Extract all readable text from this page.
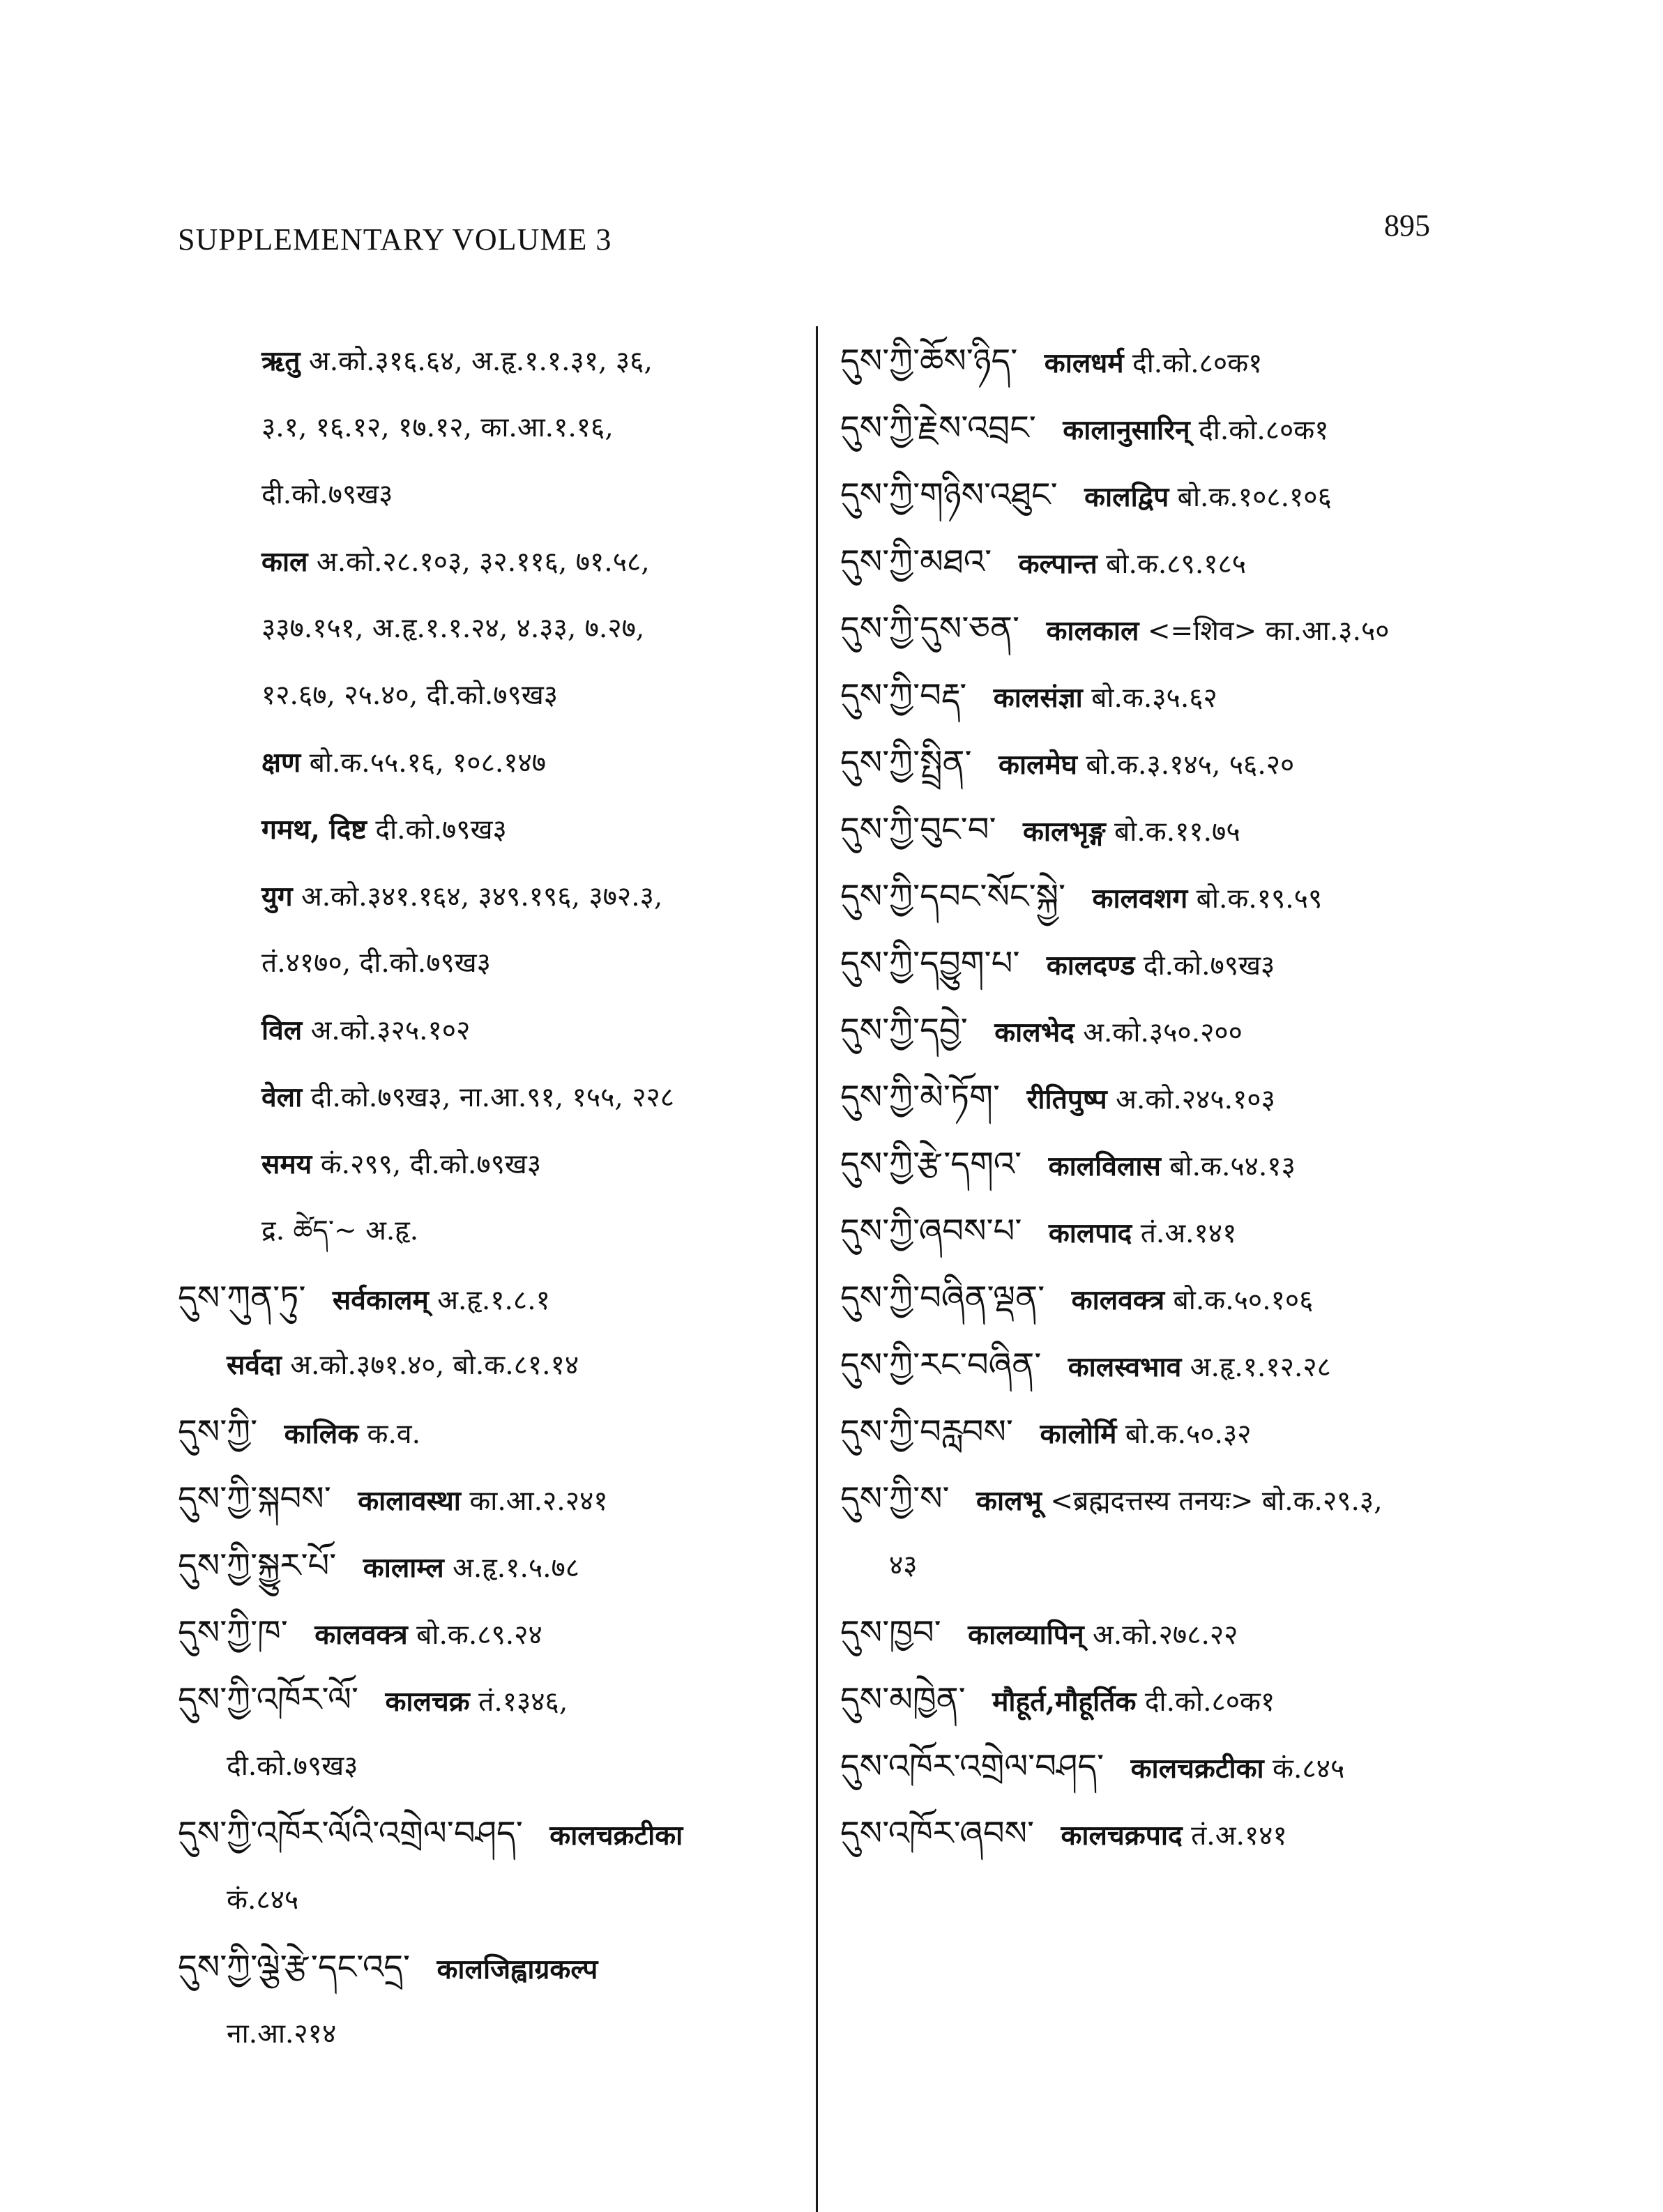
SUPPLEMENTARY VOLUME 3	895
ऋतु अ.को.३१६.६४, अ.हृ.१.१.३१, ३६,
३.१, १६.१२, १७.१२, का.आ.१.१६,
दी.को.७९ख३
काल अ.को.२८.१०३, ३२.११६, ७१.५८,
३३७.१५१, अ.हृ.१.१.२४, ४.३३, ७.२७,
१२.६७, २५.४०, दी.को.७९ख३
क्षण बो.क.५५.१६, १०८.१४७
गमथ, दिष्ट दी.को.७९ख३
युग अ.को.३४१.१६४, ३४९.१९६, ३७२.३,
तं.४१७०, दी.को.७९ख३
विल अ.को.३२५.१०२
वेला दी.को.७९ख३, ना.आ.९१, १५५, २२८
समय कं.२९९, दी.को.७९ख३
द्र. ཚེད་~ अ.हृ.
དུས་ཀུན་ཏུ་ सर्वकालम् अ.हृ.१.८.१
सर्वदा अ.को.३७१.४०, बो.क.८१.१४
དུས་ཀྱི་ कालिक क.व.
དུས་ཀྱི་སྐབས་ कालावस्था का.आ.२.२४१
དུས་ཀྱི་སྐྱུར་པོ་ कालाम्ल अ.हृ.१.५.७८
དུས་ཀྱི་ཁ་ कालवक्त्र बो.क.८९.२४
དུས་ཀྱི་འཁོར་ལོ་ कालचक्र तं.१३४६,
दी.को.७९ख३
དུས་ཀྱི་འཁོར་ལོའི་འགྲེལ་བཤད་ कालचक्रटीका
कं.८४५
དུས་ཀྱི་ལྕེ་རྩེ་དང་འདྲ་ कालजिह्वाग्रकल्प
ना.आ.२१४
དུས་ཀྱི་ཆོས་ཉིད་ कालधर्म दी.को.८०क१
དུས་ཀྱི་རྗེས་འབྲང་ कालानुसारिन् दी.को.८०क१
དུས་ཀྱི་གཉིས་འཐུང་ कालद्विप बो.क.१०८.१०६
དུས་ཀྱི་མཐའ་ कल्पान्त बो.क.८९.१८५
དུས་ཀྱི་དུས་ཅན་ कालकाल <=शिव> का.आ.३.५०
དུས་ཀྱི་བརྡ་ कालसंज्ञा बो.क.३५.६२
དུས་ཀྱི་སྤྲིན་ कालमेघ बो.क.३.१४५, ५६.२०
དུས་ཀྱི་བུང་བ་ कालभृङ्ग बो.क.११.७५
དུས་ཀྱི་དབང་སོང་སྐྱེ་ कालवशग बो.क.१९.५९
དུས་ཀྱི་དབྱུག་པ་ कालदण्ड दी.को.७९ख३
དུས་ཀྱི་དབྱེ་ कालभेद अ.को.३५०.२००
དུས་ཀྱི་མེ་ཏོག་ रीतिपुष्प अ.को.२४५.१०३
དུས་ཀྱི་རྩེ་དགའ་ कालविलास बो.क.५४.१३
དུས་ཀྱི་ཞབས་པ་ कालपाद तं.अ.१४१
དུས་ཀྱི་བཞིན་ལྡན་ कालवक्त्र बो.क.५०.१०६
དུས་ཀྱི་རང་བཞིན་ कालस्वभाव अ.हृ.१.१२.२८
དུས་ཀྱི་བརླབས་ कालोर्मि बो.क.५०.३२
དུས་ཀྱི་ས་ कालभू <ब्रह्मदत्तस्य तनयः> बो.क.२९.३,
४३
དུས་ཁྱབ་ कालव्यापिन् अ.को.२७८.२२
དུས་མཁྱེན་ मौहूर्त,मौहूर्तिक दी.को.८०क१
དུས་འཁོར་འགྲེལ་བཤད་ कालचक्रटीका कं.८४५
དུས་འཁོར་ཞབས་ कालचक्रपाद तं.अ.१४१
